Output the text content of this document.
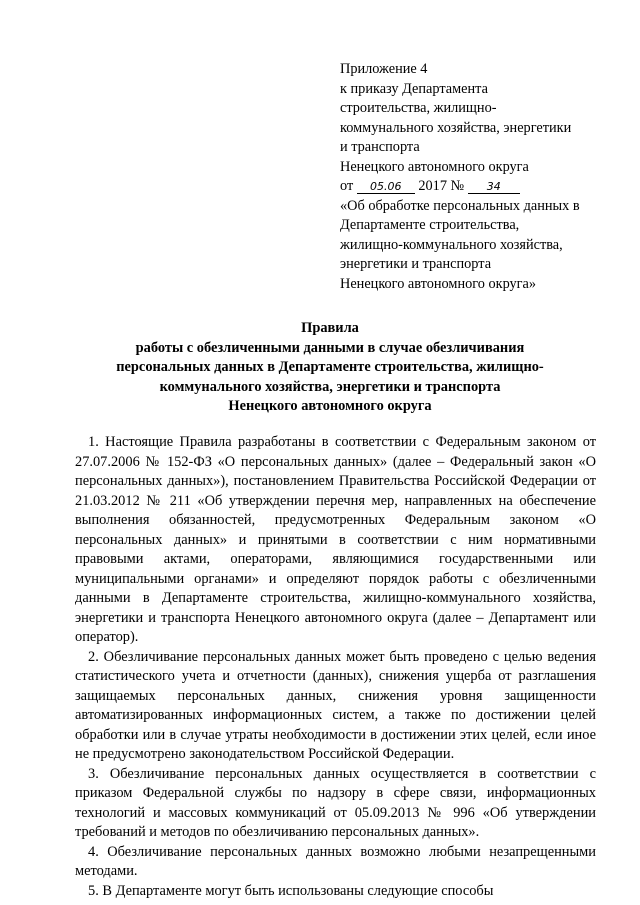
Приложение 4
к приказу Департамента
строительства, жилищно-
коммунального хозяйства, энергетики
и транспорта
Ненецкого автономного округа
от 05.06 2017 № 34
«Об обработке персональных данных в
Департаменте строительства,
жилищно-коммунального хозяйства,
энергетики и транспорта
Ненецкого автономного округа»
Правила
работы с обезличенными данными в случае обезличивания
персональных данных в Департаменте строительства, жилищно-
коммунального хозяйства, энергетики и транспорта
Ненецкого автономного округа

1. Настоящие Правила разработаны в соответствии с Федеральным законом от 27.07.2006 № 152-ФЗ «О персональных данных» (далее – Федеральный закон «О персональных данных»), постановлением Правительства Российской Федерации от 21.03.2012 № 211 «Об утверждении перечня мер, направленных на обеспечение выполнения обязанностей, предусмотренных Федеральным законом «О персональных данных» и принятыми в соответствии с ним нормативными правовыми актами, операторами, являющимися государственными или муниципальными органами» и определяют порядок работы с обезличенными данными в Департаменте строительства, жилищно-коммунального хозяйства, энергетики и транспорта Ненецкого автономного округа (далее – Департамент или оператор).

2. Обезличивание персональных данных может быть проведено с целью ведения статистического учета и отчетности (данных), снижения ущерба от разглашения защищаемых персональных данных, снижения уровня защищенности автоматизированных информационных систем, а также по достижении целей обработки или в случае утраты необходимости в достижении этих целей, если иное не предусмотрено законодательством Российской Федерации.

3. Обезличивание персональных данных осуществляется в соответствии с приказом Федеральной службы по надзору в сфере связи, информационных технологий и массовых коммуникаций от 05.09.2013 № 996 «Об утверждении требований и методов по обезличиванию персональных данных».

4. Обезличивание персональных данных возможно любыми незапрещенными методами.

5. В Департаменте могут быть использованы следующие способы
